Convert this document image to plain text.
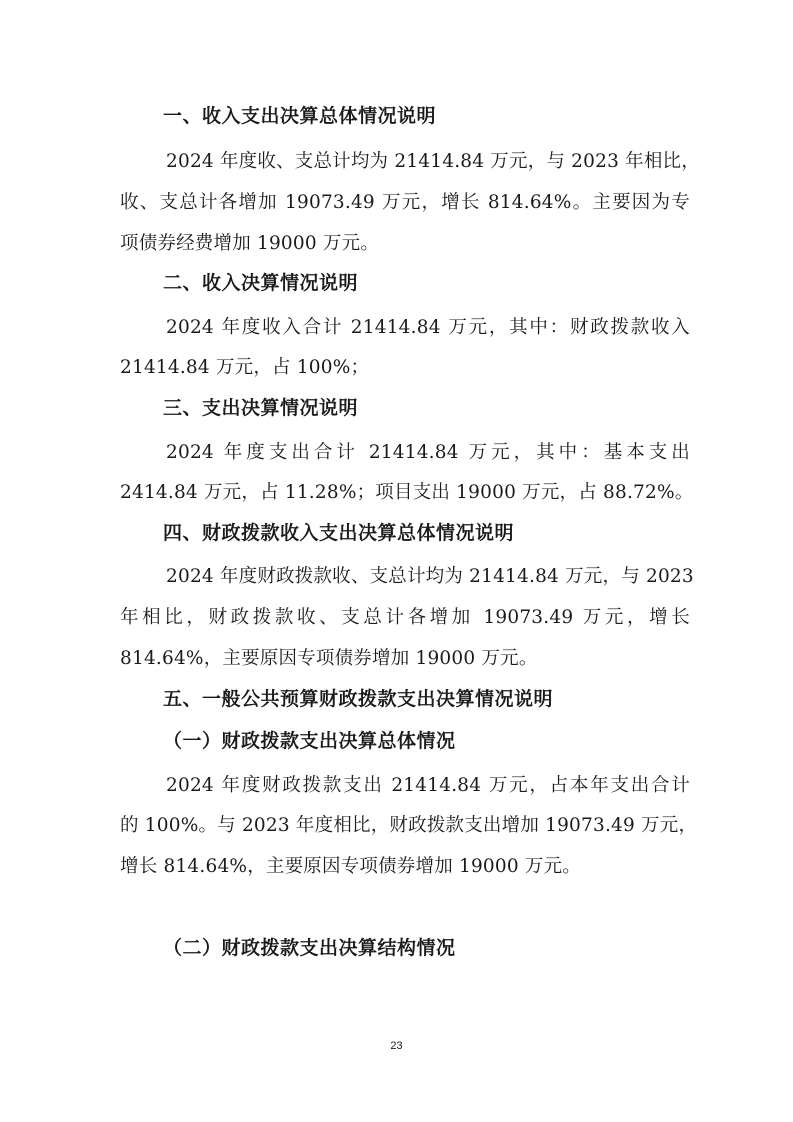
一、收入支出决算总体情况说明
2024 年度收、支总计均为 21414.84 万元，与 2023 年相比，
收、支总计各增加 19073.49 万元，增长 814.64%。主要因为专
项债券经费增加 19000 万元。
二、收入决算情况说明
2024 年度收入合计 21414.84 万元，其中：财政拨款收入
21414.84 万元，占 100%；
三、支出决算情况说明
2024 年度支出合计 21414.84 万元，其中：基本支出
2414.84 万元，占 11.28%；项目支出 19000 万元，占 88.72%。
四、财政拨款收入支出决算总体情况说明
2024 年度财政拨款收、支总计均为 21414.84 万元，与 2023
年相比，财政拨款收、支总计各增加 19073.49 万元，增长
814.64%，主要原因专项债券增加 19000 万元。
五、一般公共预算财政拨款支出决算情况说明
（一）财政拨款支出决算总体情况
2024 年度财政拨款支出 21414.84 万元，占本年支出合计
的 100%。与 2023 年度相比，财政拨款支出增加 19073.49 万元，
增长 814.64%，主要原因专项债券增加 19000 万元。
（二）财政拨款支出决算结构情况
23
